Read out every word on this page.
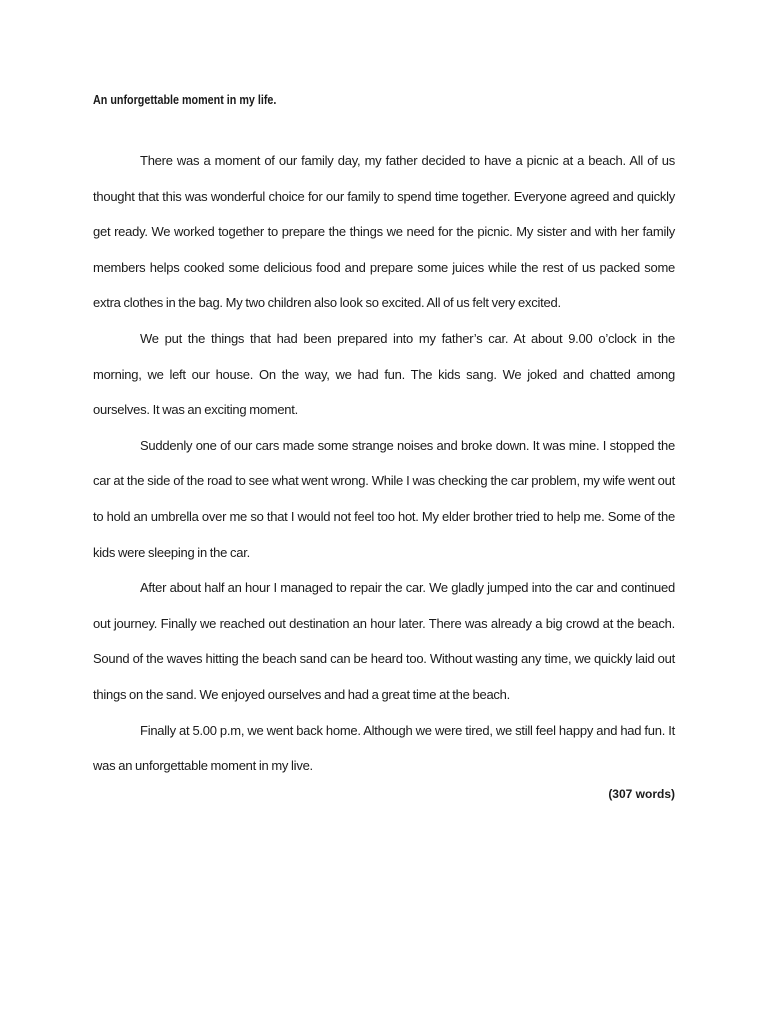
An unforgettable moment in my life.

There was a moment of our family day, my father decided to have a picnic at a beach. All of us thought that this was wonderful choice for our family to spend time together. Everyone agreed and quickly get ready. We worked together to prepare the things we need for the picnic. My sister and with her family members helps cooked some delicious food and prepare some juices while the rest of us packed some extra clothes in the bag. My two children also look so excited. All of us felt very excited.

We put the things that had been prepared into my father’s car. At about 9.00 o’clock in the morning, we left our house. On the way, we had fun. The kids sang. We joked and chatted among ourselves. It was an exciting moment.

Suddenly one of our cars made some strange noises and broke down. It was mine. I stopped the car at the side of the road to see what went wrong. While I was checking the car problem, my wife went out to hold an umbrella over me so that I would not feel too hot. My elder brother tried to help me. Some of the kids were sleeping in the car.

After about half an hour I managed to repair the car. We gladly jumped into the car and continued out journey. Finally we reached out destination an hour later. There was already a big crowd at the beach. Sound of the waves hitting the beach sand can be heard too. Without wasting any time, we quickly laid out things on the sand. We enjoyed ourselves and had a great time at the beach.

Finally at 5.00 p.m, we went back home. Although we were tired, we still feel happy and had fun. It was an unforgettable moment in my live.

(307 words)
